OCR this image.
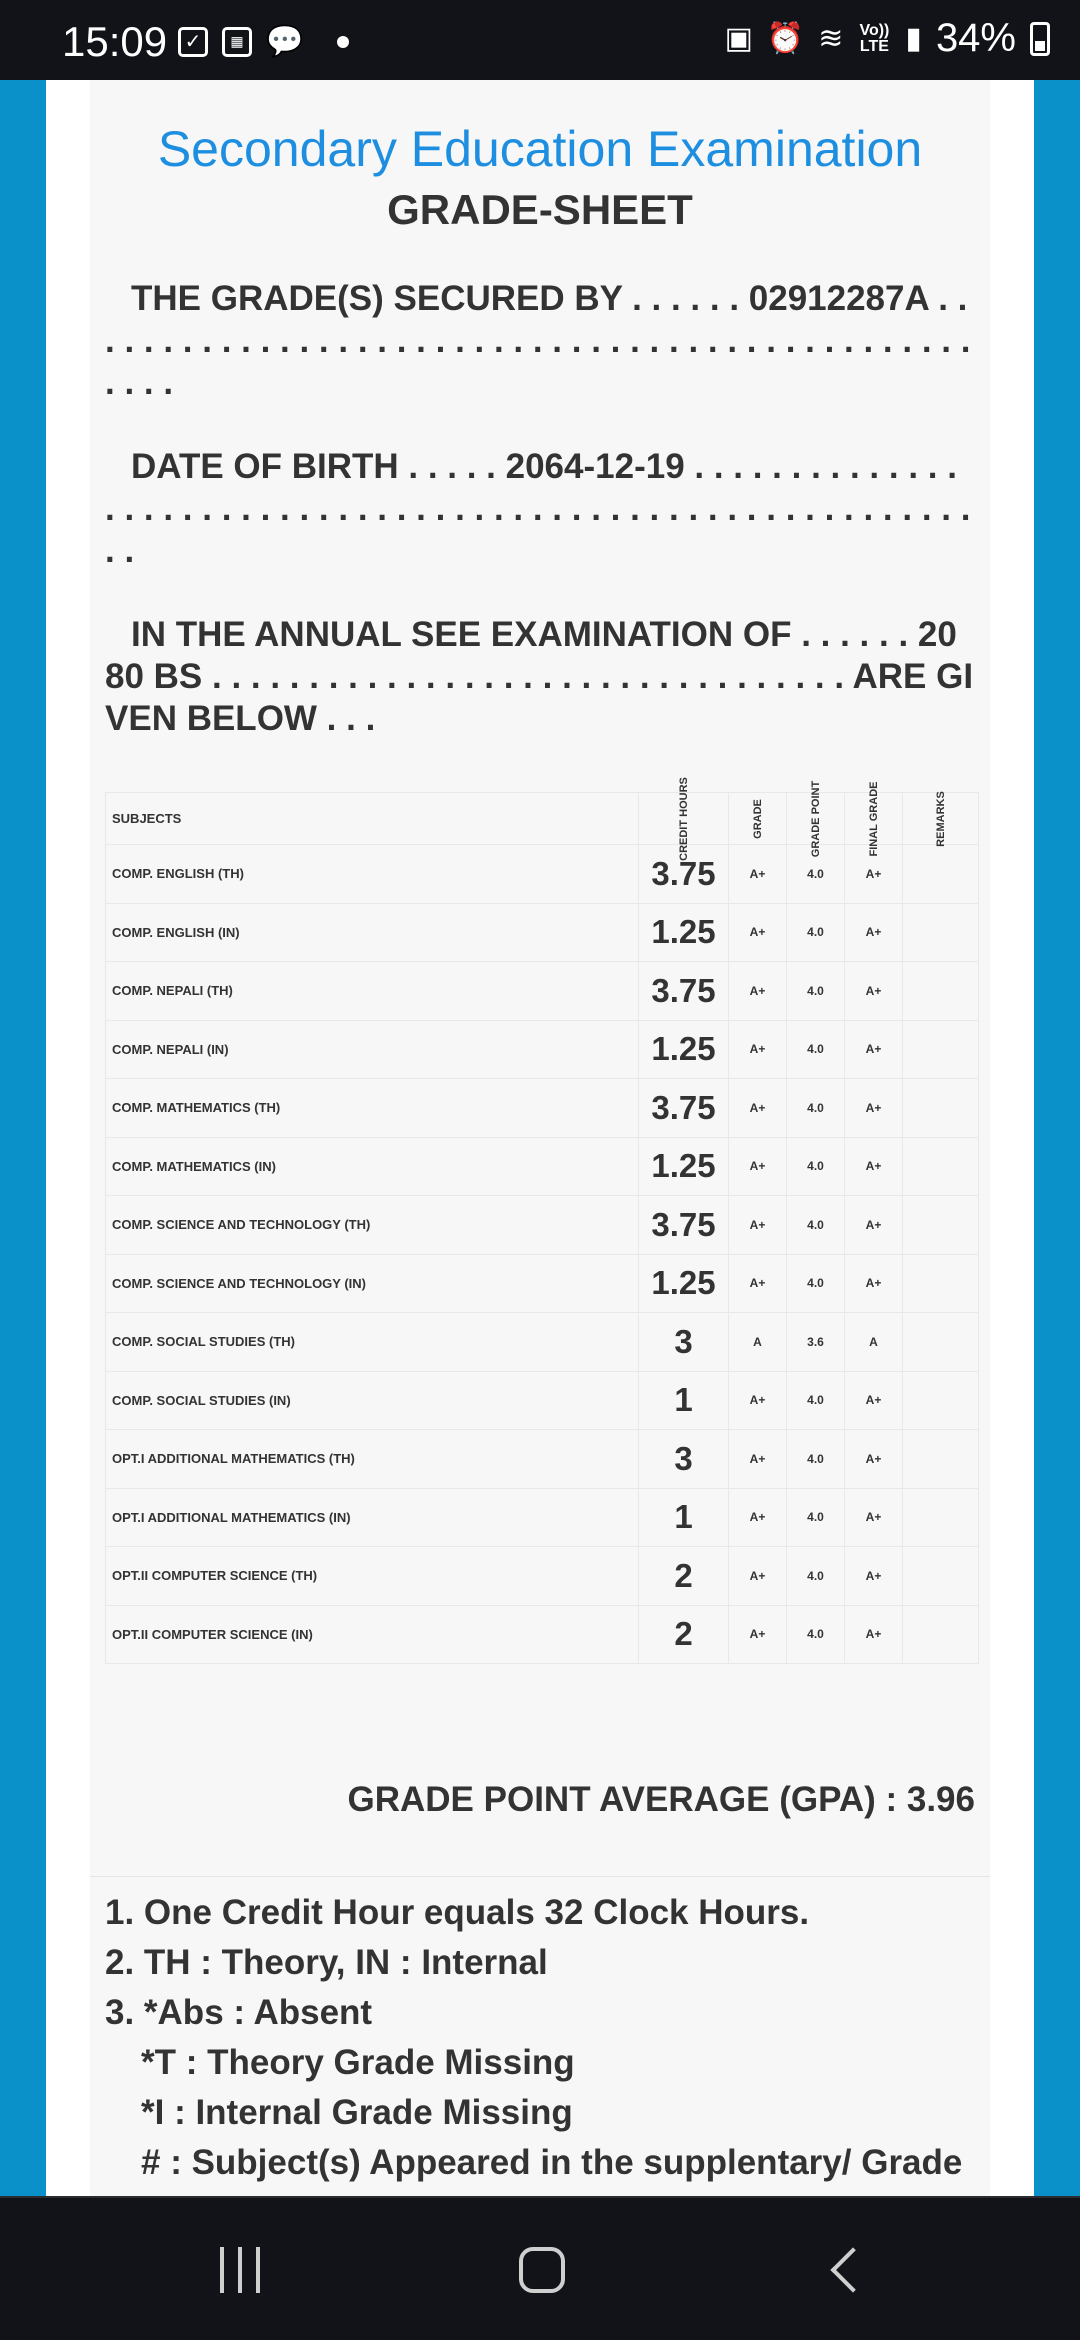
15:09 ✓	▦ 💬	▣ ⏰ ≋ Vo)) LTE ▮ 34%
Secondary Education Examination
GRADE-SHEET
THE GRADE(S) SECURED BY . . . . . . 02912287A . . . . . . . . . . . . . . . . . . . . . . . . . . . . . . . . . . . . . . . . . . . . . . . . . . .
DATE OF BIRTH . . . . . 2064-12-19 . . . . . . . . . . . . . . . . . . . . . . . . . . . . . . . . . . . . . . . . . . . . . . . . . . . . . . . . . . . . .
IN THE ANNUAL SEE EXAMINATION OF . . . . . . 2080 BS . . . . . . . . . . . . . . . . . . . . . . . . . . . . . . . . . ARE GIVEN BELOW . . .
SUBJECTS	CREDIT HOURS	GRADE	GRADE POINT	FINAL GRADE	REMARKS

COMP. ENGLISH (TH)	3.75	A+	4.0	A+	
COMP. ENGLISH (IN)	1.25	A+	4.0	A+	
COMP. NEPALI (TH)	3.75	A+	4.0	A+	
COMP. NEPALI (IN)	1.25	A+	4.0	A+	
COMP. MATHEMATICS (TH)	3.75	A+	4.0	A+	
COMP. MATHEMATICS (IN)	1.25	A+	4.0	A+	
COMP. SCIENCE AND TECHNOLOGY (TH)	3.75	A+	4.0	A+	
COMP. SCIENCE AND TECHNOLOGY (IN)	1.25	A+	4.0	A+	
COMP. SOCIAL STUDIES (TH)	3	A	3.6	A	
COMP. SOCIAL STUDIES (IN)	1	A+	4.0	A+	
OPT.I ADDITIONAL MATHEMATICS (TH)	3	A+	4.0	A+	
OPT.I ADDITIONAL MATHEMATICS (IN)	1	A+	4.0	A+	
OPT.II COMPUTER SCIENCE (TH)	2	A+	4.0	A+	
OPT.II COMPUTER SCIENCE (IN)	2	A+	4.0	A+	
GRADE POINT AVERAGE (GPA) : 3.96
1. One Credit Hour equals 32 Clock Hours.
2. TH : Theory, IN : Internal
3. *Abs : Absent
*T : Theory Grade Missing
*I : Internal Grade Missing
# : Subject(s) Appeared in the supplentary/ Grade
